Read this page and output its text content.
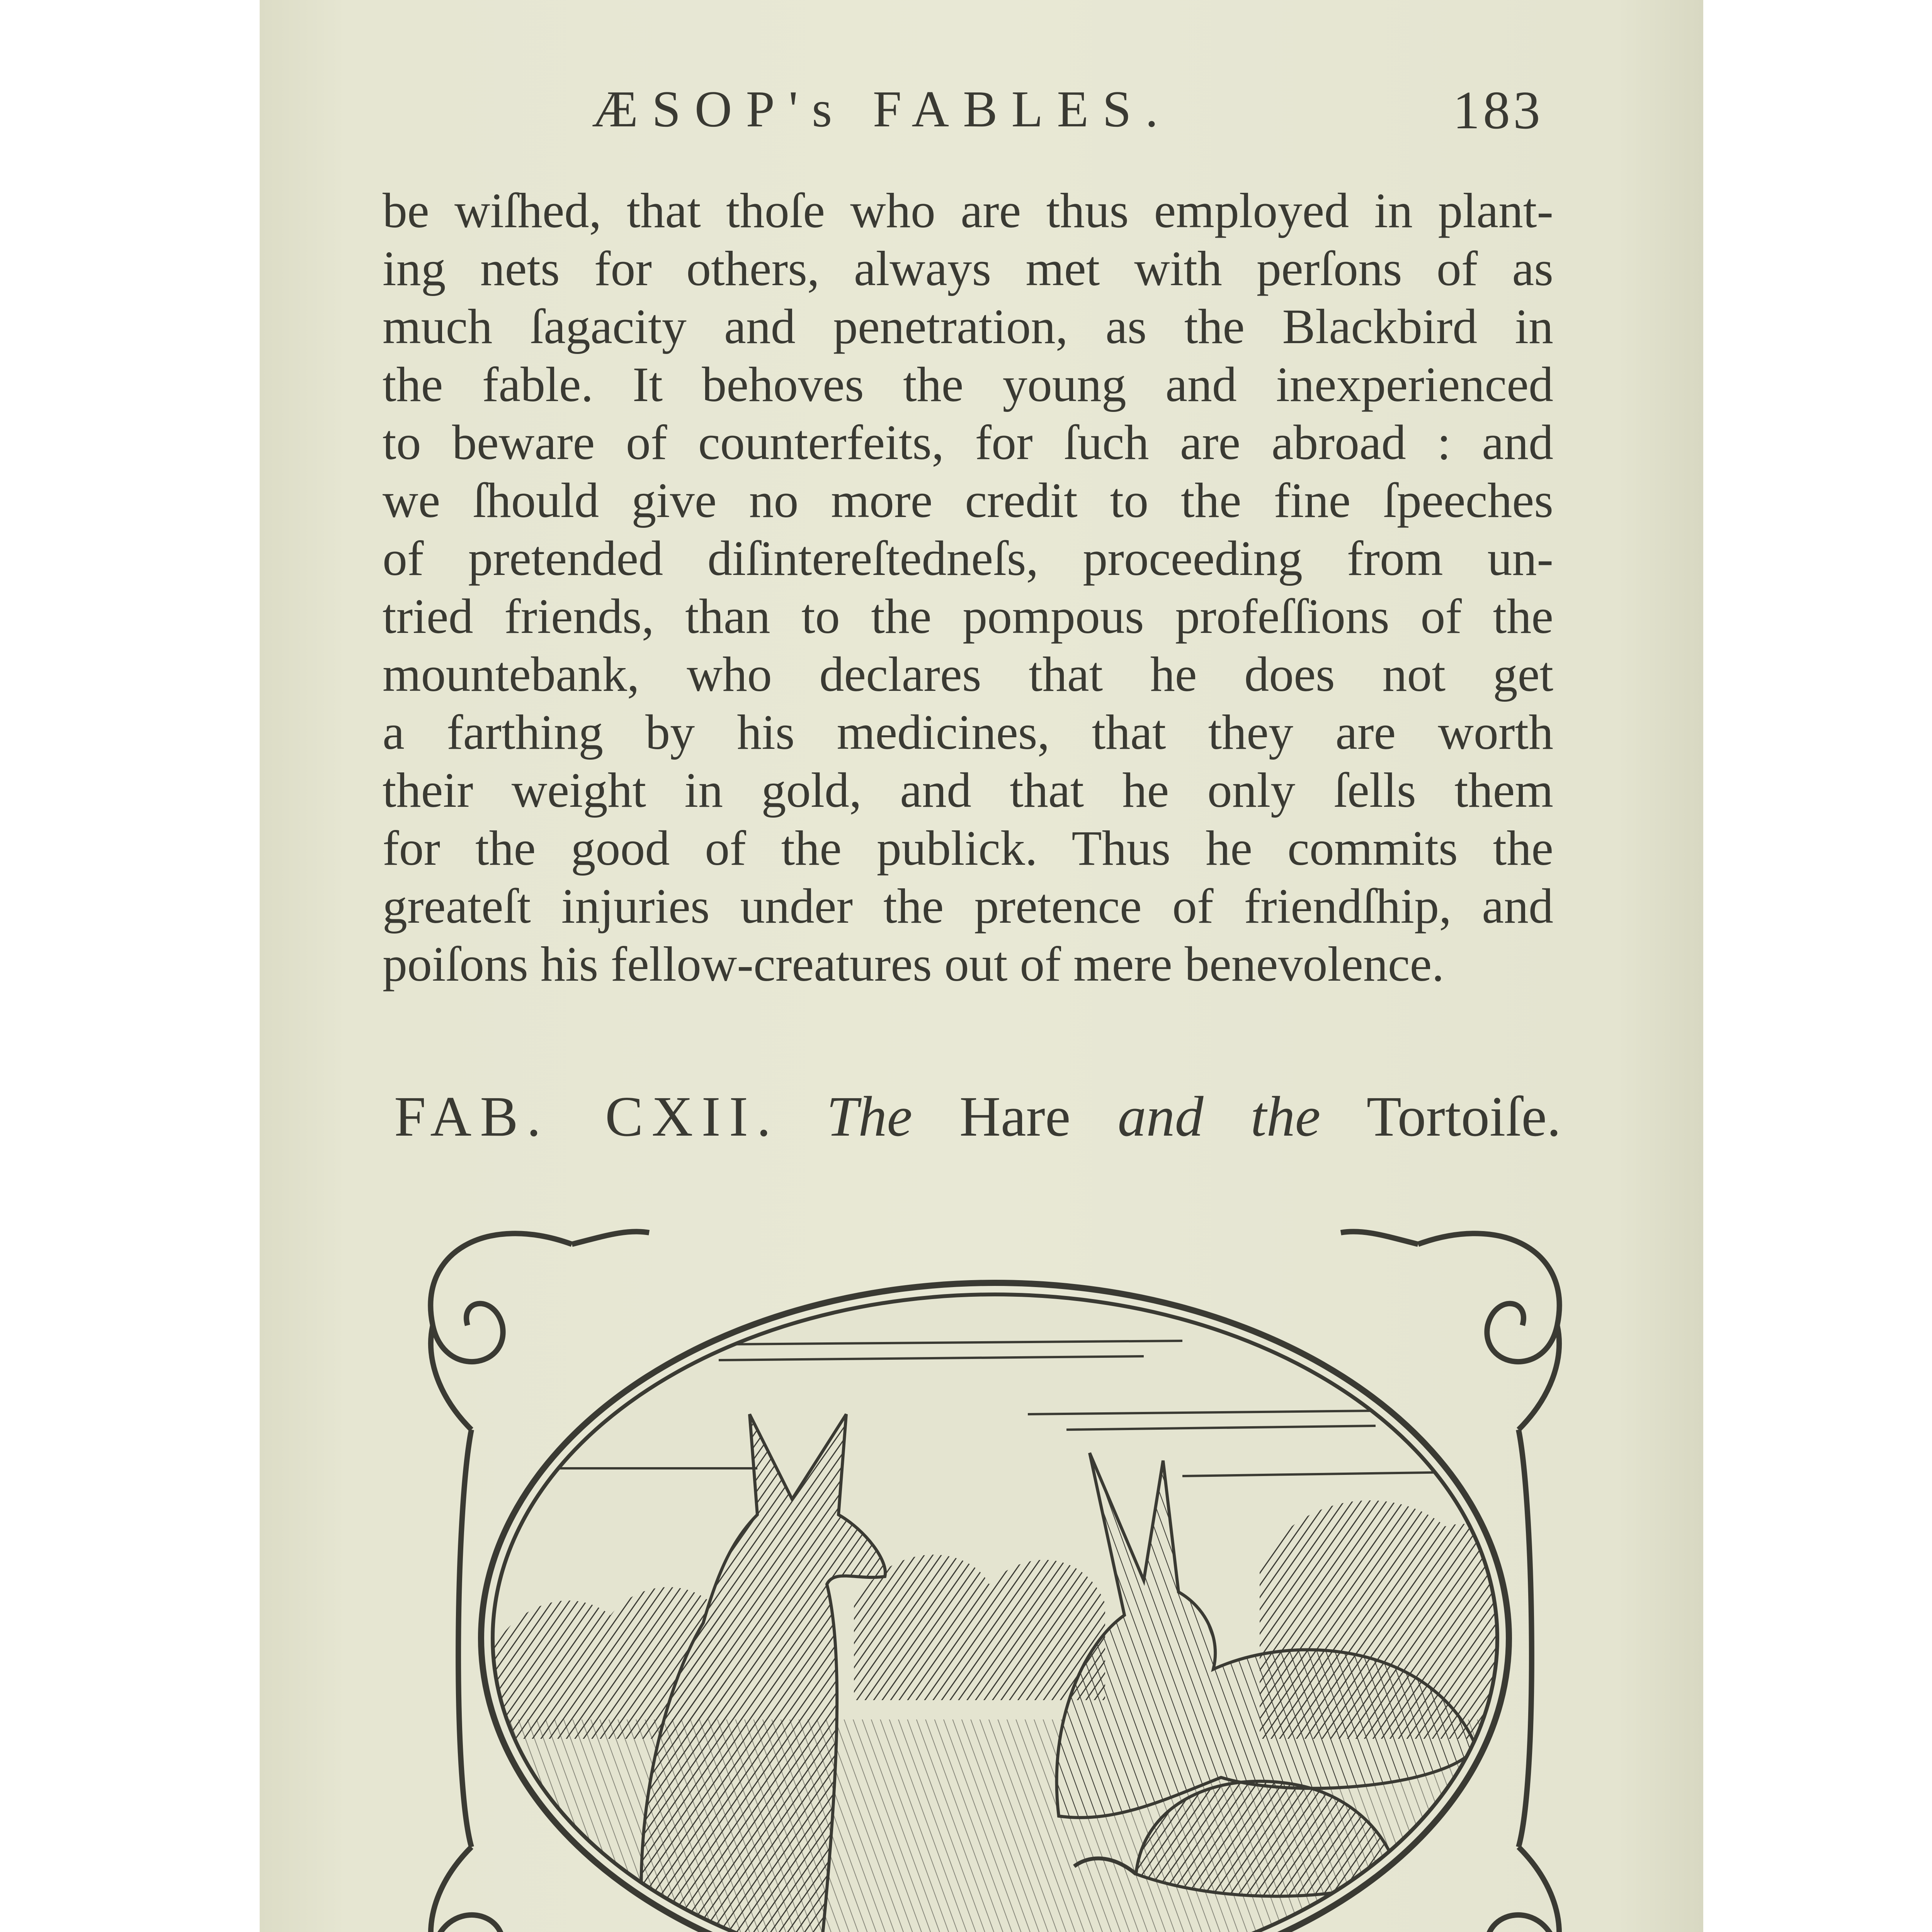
ÆSOP's FABLES.	183
be wiſhed, that thoſe who are thus employed in plant-
ing nets for others, always met with perſons of as
much ſagacity and penetration, as the Blackbird in
the fable. It behoves the young and inexperienced
to beware of counterfeits, for ſuch are abroad : and
we ſhould give no more credit to the fine ſpeeches
of pretended diſintereſtedneſs, proceeding from un-
tried friends, than to the pompous profeſſions of the
mountebank, who declares that he does not get
a farthing by his medicines, that they are worth
their weight in gold, and that he only ſells them
for the good of the publick. Thus he commits the
greateſt injuries under the pretence of friendſhip, and
poiſons his fellow-creatures out of mere benevolence.
FAB. CXII. The Hare and the Tortoiſe.
